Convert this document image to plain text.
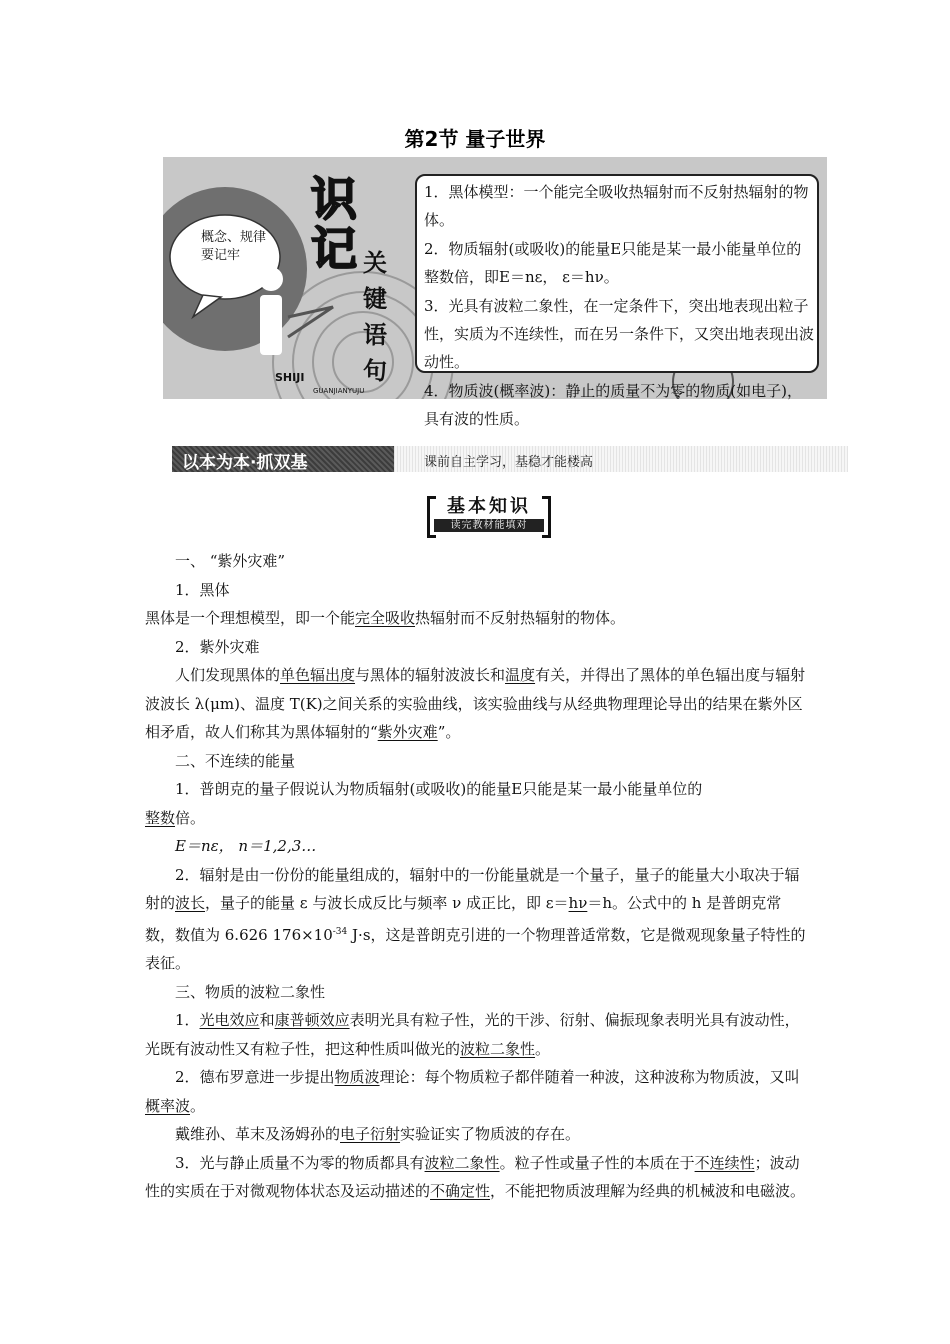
第2节 量子世界
概念、规律要记牢
识
记 关键语句
SHIJI
GUANJIANYUJU

1．黑体模型：一个能完全吸收热辐射而不反射热辐射的物体。

2．物质辐射(或吸收)的能量E只能是某一最小能量单位的整数倍，即E＝nε， ε＝hν。

3．光具有波粒二象性，在一定条件下，突出地表现出粒子性，实质为不连续性，而在另一条件下，又突出地表现出波动性。

4．物质波(概率波)：静止的质量不为零的物质(如电子)，具有波的性质。

以本为本·抓双基	课前自主学习，基稳才能楼高
基本知识
读完教材能填对

一、 “紫外灾难”

1．黑体

黑体是一个理想模型，即一个能完全吸收热辐射而不反射热辐射的物体。

2．紫外灾难

人们发现黑体的单色辐出度与黑体的辐射波波长和温度有关，并得出了黑体的单色辐出度与辐射波波长 λ(μm)、温度 T(K)之间关系的实验曲线，该实验曲线与从经典物理理论导出的结果在紫外区相矛盾，故人们称其为黑体辐射的“紫外灾难”。

二、不连续的能量

1．普朗克的量子假说认为物质辐射(或吸收)的能量E只能是某一最小能量单位的
整数倍。

E＝nε， n＝1,2,3…

2．辐射是由一份份的能量组成的，辐射中的一份能量就是一个量子，量子的能量大小取决于辐射的波长，量子的能量 ε 与波长成反比与频率 ν 成正比，即 ε＝hν＝h。公式中的 h 是普朗克常数，数值为 6.626 $176\times 10^{-34}$ J·s，这是普朗克引进的一个物理普适常数，它是微观现象量子特性的表征。

三、物质的波粒二象性

1．光电效应和康普顿效应表明光具有粒子性，光的干涉、衍射、偏振现象表明光具有波动性，光既有波动性又有粒子性，把这种性质叫做光的波粒二象性。

2．德布罗意进一步提出物质波理论：每个物质粒子都伴随着一种波，这种波称为物质波，又叫概率波。

戴维孙、革末及汤姆孙的电子衍射实验证实了物质波的存在。

3．光与静止质量不为零的物质都具有波粒二象性。粒子性或量子性的本质在于不连续性；波动性的实质在于对微观物体状态及运动描述的不确定性，不能把物质波理解为经典的机械波和电磁波。
